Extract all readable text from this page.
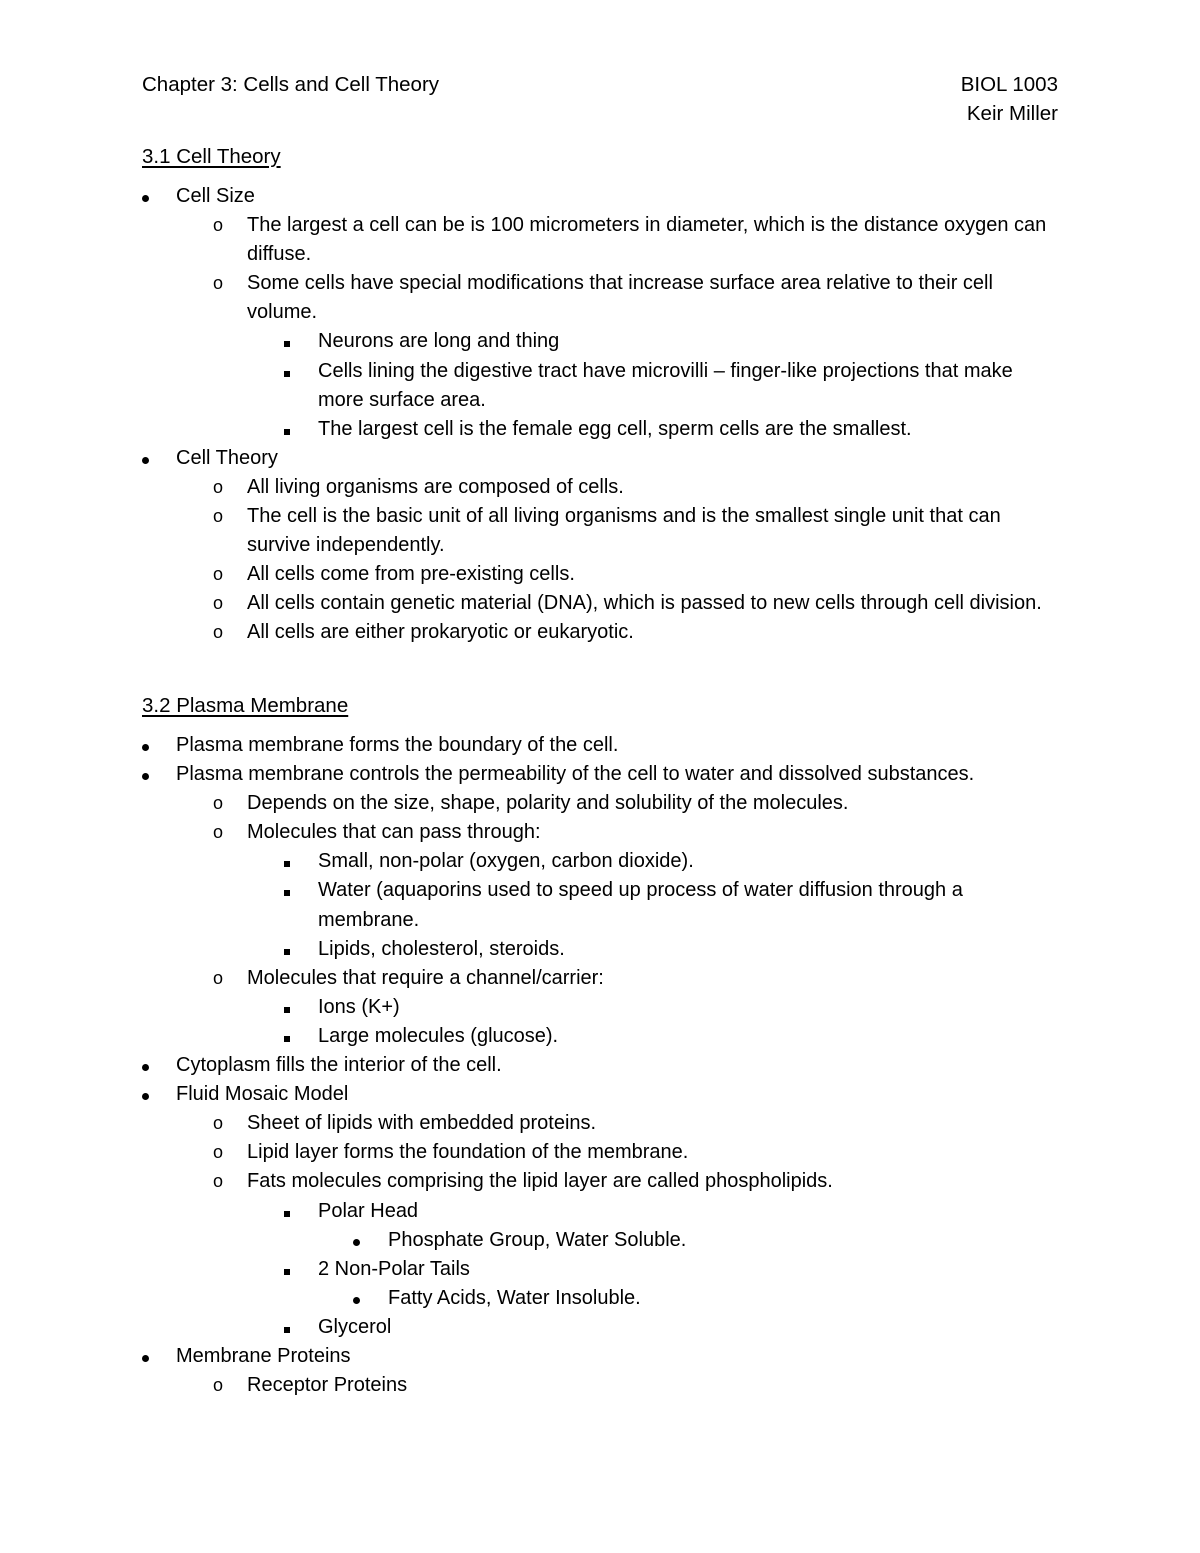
Chapter 3: Cells and Cell Theory	BIOL 1003
Keir Miller
3.1 Cell Theory
Cell Size
o The largest a cell can be is 100 micrometers in diameter, which is the distance oxygen can diffuse.
o Some cells have special modifications that increase surface area relative to their cell volume.
Neurons are long and thing
Cells lining the digestive tract have microvilli – finger-like projections that make more surface area.
The largest cell is the female egg cell, sperm cells are the smallest.
Cell Theory
o All living organisms are composed of cells.
o The cell is the basic unit of all living organisms and is the smallest single unit that can survive independently.
o All cells come from pre-existing cells.
o All cells contain genetic material (DNA), which is passed to new cells through cell division.
o All cells are either prokaryotic or eukaryotic.
3.2 Plasma Membrane
Plasma membrane forms the boundary of the cell.
Plasma membrane controls the permeability of the cell to water and dissolved substances.
o Depends on the size, shape, polarity and solubility of the molecules.
o Molecules that can pass through:
Small, non-polar (oxygen, carbon dioxide).
Water (aquaporins used to speed up process of water diffusion through a membrane.
Lipids, cholesterol, steroids.
o Molecules that require a channel/carrier:
Ions (K+)
Large molecules (glucose).
Cytoplasm fills the interior of the cell.
Fluid Mosaic Model
o Sheet of lipids with embedded proteins.
o Lipid layer forms the foundation of the membrane.
o Fats molecules comprising the lipid layer are called phospholipids.
Polar Head
Phosphate Group, Water Soluble.
2 Non-Polar Tails
Fatty Acids, Water Insoluble.
Glycerol
Membrane Proteins
o Receptor Proteins
